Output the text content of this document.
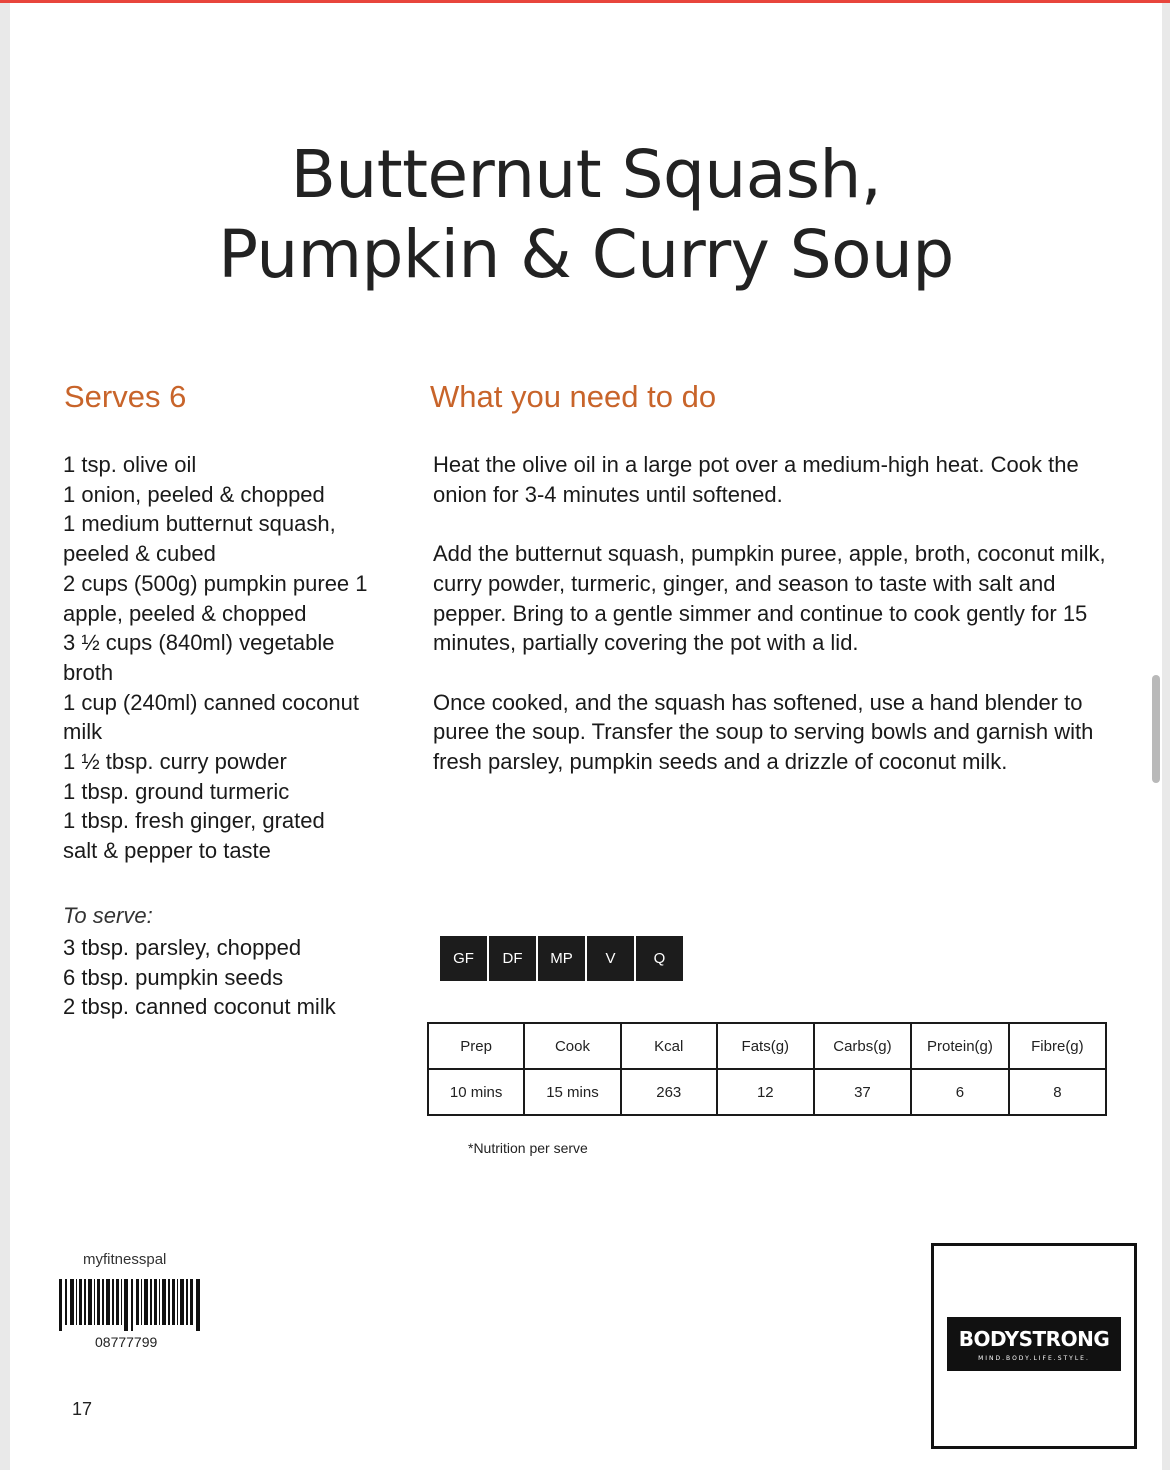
Butternut Squash,
Pumpkin & Curry Soup
Serves 6	What you need to do
1 tsp. olive oil
1 onion, peeled & chopped
1 medium butternut squash,
peeled & cubed
2 cups (500g) pumpkin puree 1
apple, peeled & chopped
3 ½ cups (840ml) vegetable
broth
1 cup (240ml) canned coconut
milk
1 ½ tbsp. curry powder
1 tbsp. ground turmeric
1 tbsp. fresh ginger, grated
salt & pepper to taste
To serve:
3 tbsp. parsley, chopped
6 tbsp. pumpkin seeds
2 tbsp. canned coconut milk

Heat the olive oil in a large pot over a medium-high heat. Cook the onion for 3-4 minutes until softened.

Add the butternut squash, pumpkin puree, apple, broth, coconut milk, curry powder, turmeric, ginger, and season to taste with salt and pepper. Bring to a gentle simmer and continue to cook gently for 15 minutes, partially covering the pot with a lid.

Once cooked, and the squash has softened, use a hand blender to puree the soup. Transfer the soup to serving bowls and garnish with fresh parsley, pumpkin seeds and a drizzle of coconut milk.

GF	DF	MP	V	Q
Prep	Cook	Kcal	Fats(g)	Carbs(g)	Protein(g)	Fibre(g)
10 mins	15 mins	263	12	37	6	8
*Nutrition per serve
myfitnesspal
08777799
17
BODYSTRONG
MIND.BODY.LIFE.STYLE.
